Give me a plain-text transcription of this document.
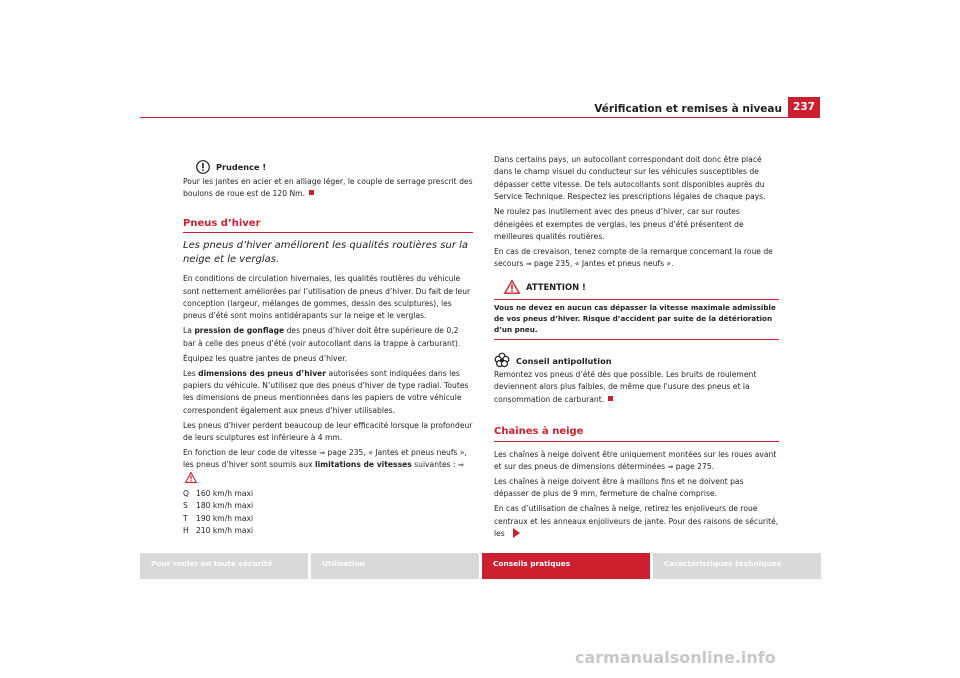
Vérification et remises à niveau	237
Prudence !
Pour les jantes en acier et en alliage léger, le couple de serrage prescrit des boulons de roue est de 120 Nm.
Pneus d’hiver
Les pneus d’hiver améliorent les qualités routières sur la neige et le verglas.
En conditions de circulation hivernales, les qualités routières du véhicule sont nettement améliorées par l’utilisation de pneus d’hiver. Du fait de leur conception (largeur, mélanges de gommes, dessin des sculptures), les pneus d’été sont moins antidérapants sur la neige et le verglas.
La pression de gonflage des pneus d’hiver doit être supérieure de 0,2 bar à celle des pneus d’été (voir autocollant dans la trappe à carburant).
Équipez les quatre jantes de pneus d’hiver.
Les dimensions des pneus d’hiver autorisées sont indiquées dans les papiers du véhicule. N’utilisez que des pneus d’hiver de type radial. Toutes les dimensions de pneus mentionnées dans les papiers de votre véhicule correspondent également aux pneus d’hiver utilisables.
Les pneus d’hiver perdent beaucoup de leur efficacité lorsque la profondeur de leurs sculptures est inférieure à 4 mm.
En fonction de leur code de vitesse ⇒ page 235, « Jantes et pneus neufs », les pneus d’hiver sont soumis aux limitations de vitesses suivantes : ⇒
Q 160 km/h maxi
S	180 km/h maxi
T	190 km/h maxi
H 210 km/h maxi
Dans certains pays, un autocollant correspondant doit donc être placé dans le champ visuel du conducteur sur les véhicules susceptibles de dépasser cette vitesse. De tels autocollants sont disponibles auprès du Service Technique. Respectez les prescriptions légales de chaque pays.
Ne roulez pas inutilement avec des pneus d’hiver, car sur routes déneigées et exemptes de verglas, les pneus d’été présentent de meilleures qualités routières.
En cas de crevaison, tenez compte de la remarque concernant la roue de secours ⇒ page 235, « Jantes et pneus neufs ».
ATTENTION !
Vous ne devez en aucun cas dépasser la vitesse maximale admissible de vos pneus d’hiver. Risque d’accident par suite de la détérioration d’un pneu.
Conseil antipollution
Remontez vos pneus d’été dès que possible. Les bruits de roulement deviennent alors plus faibles, de même que l’usure des pneus et la consommation de carburant.
Chaînes à neige
Les chaînes à neige doivent être uniquement montées sur les roues avant et sur des pneus de dimensions déterminées ⇒ page 275.
Les chaînes à neige doivent être à maillons fins et ne doivent pas dépasser de plus de 9 mm, fermeture de chaîne comprise.
En cas d’utilisation de chaînes à neige, retirez les enjoliveurs de roue centraux et les anneaux enjoliveurs de jante. Pour des raisons de sécurité, les
Pour rouler en toute sécurité	Utilisation	Conseils pratiques	Caractéristiques techniques
carmanualsonline.info
